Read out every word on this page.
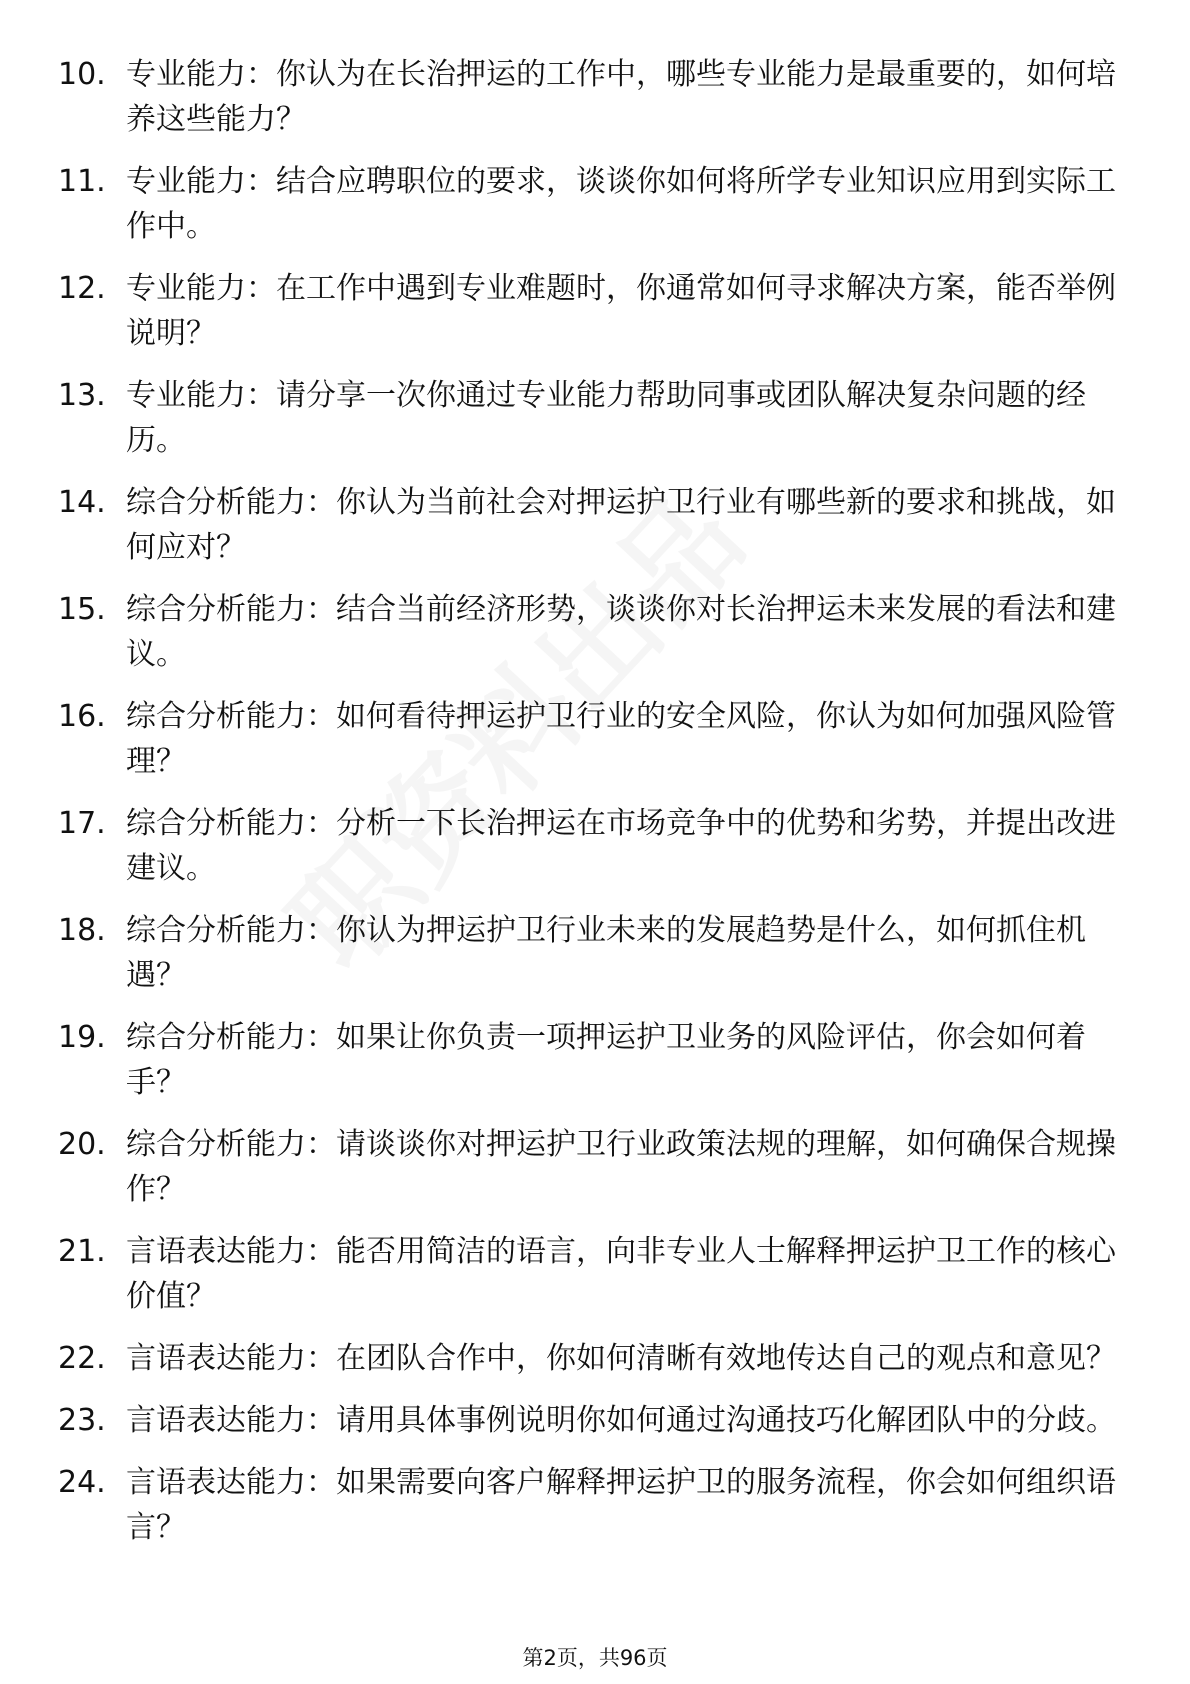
10. 专业能力：你认为在长治押运的工作中，哪些专业能力是最重要的，如何培养这些能力？
11. 专业能力：结合应聘职位的要求，谈谈你如何将所学专业知识应用到实际工作中。
12. 专业能力：在工作中遇到专业难题时，你通常如何寻求解决方案，能否举例说明？
13. 专业能力：请分享一次你通过专业能力帮助同事或团队解决复杂问题的经历。
14. 综合分析能力：你认为当前社会对押运护卫行业有哪些新的要求和挑战，如何应对？
15. 综合分析能力：结合当前经济形势，谈谈你对长治押运未来发展的看法和建议。
16. 综合分析能力：如何看待押运护卫行业的安全风险，你认为如何加强风险管理？
17. 综合分析能力：分析一下长治押运在市场竞争中的优势和劣势，并提出改进建议。
18. 综合分析能力：你认为押运护卫行业未来的发展趋势是什么，如何抓住机遇？
19. 综合分析能力：如果让你负责一项押运护卫业务的风险评估，你会如何着手？
20. 综合分析能力：请谈谈你对押运护卫行业政策法规的理解，如何确保合规操作？
21. 言语表达能力：能否用简洁的语言，向非专业人士解释押运护卫工作的核心价值？
22. 言语表达能力：在团队合作中，你如何清晰有效地传达自己的观点和意见？
23. 言语表达能力：请用具体事例说明你如何通过沟通技巧化解团队中的分歧。
24. 言语表达能力：如果需要向客户解释押运护卫的服务流程，你会如何组织语言？
第2页，共96页
